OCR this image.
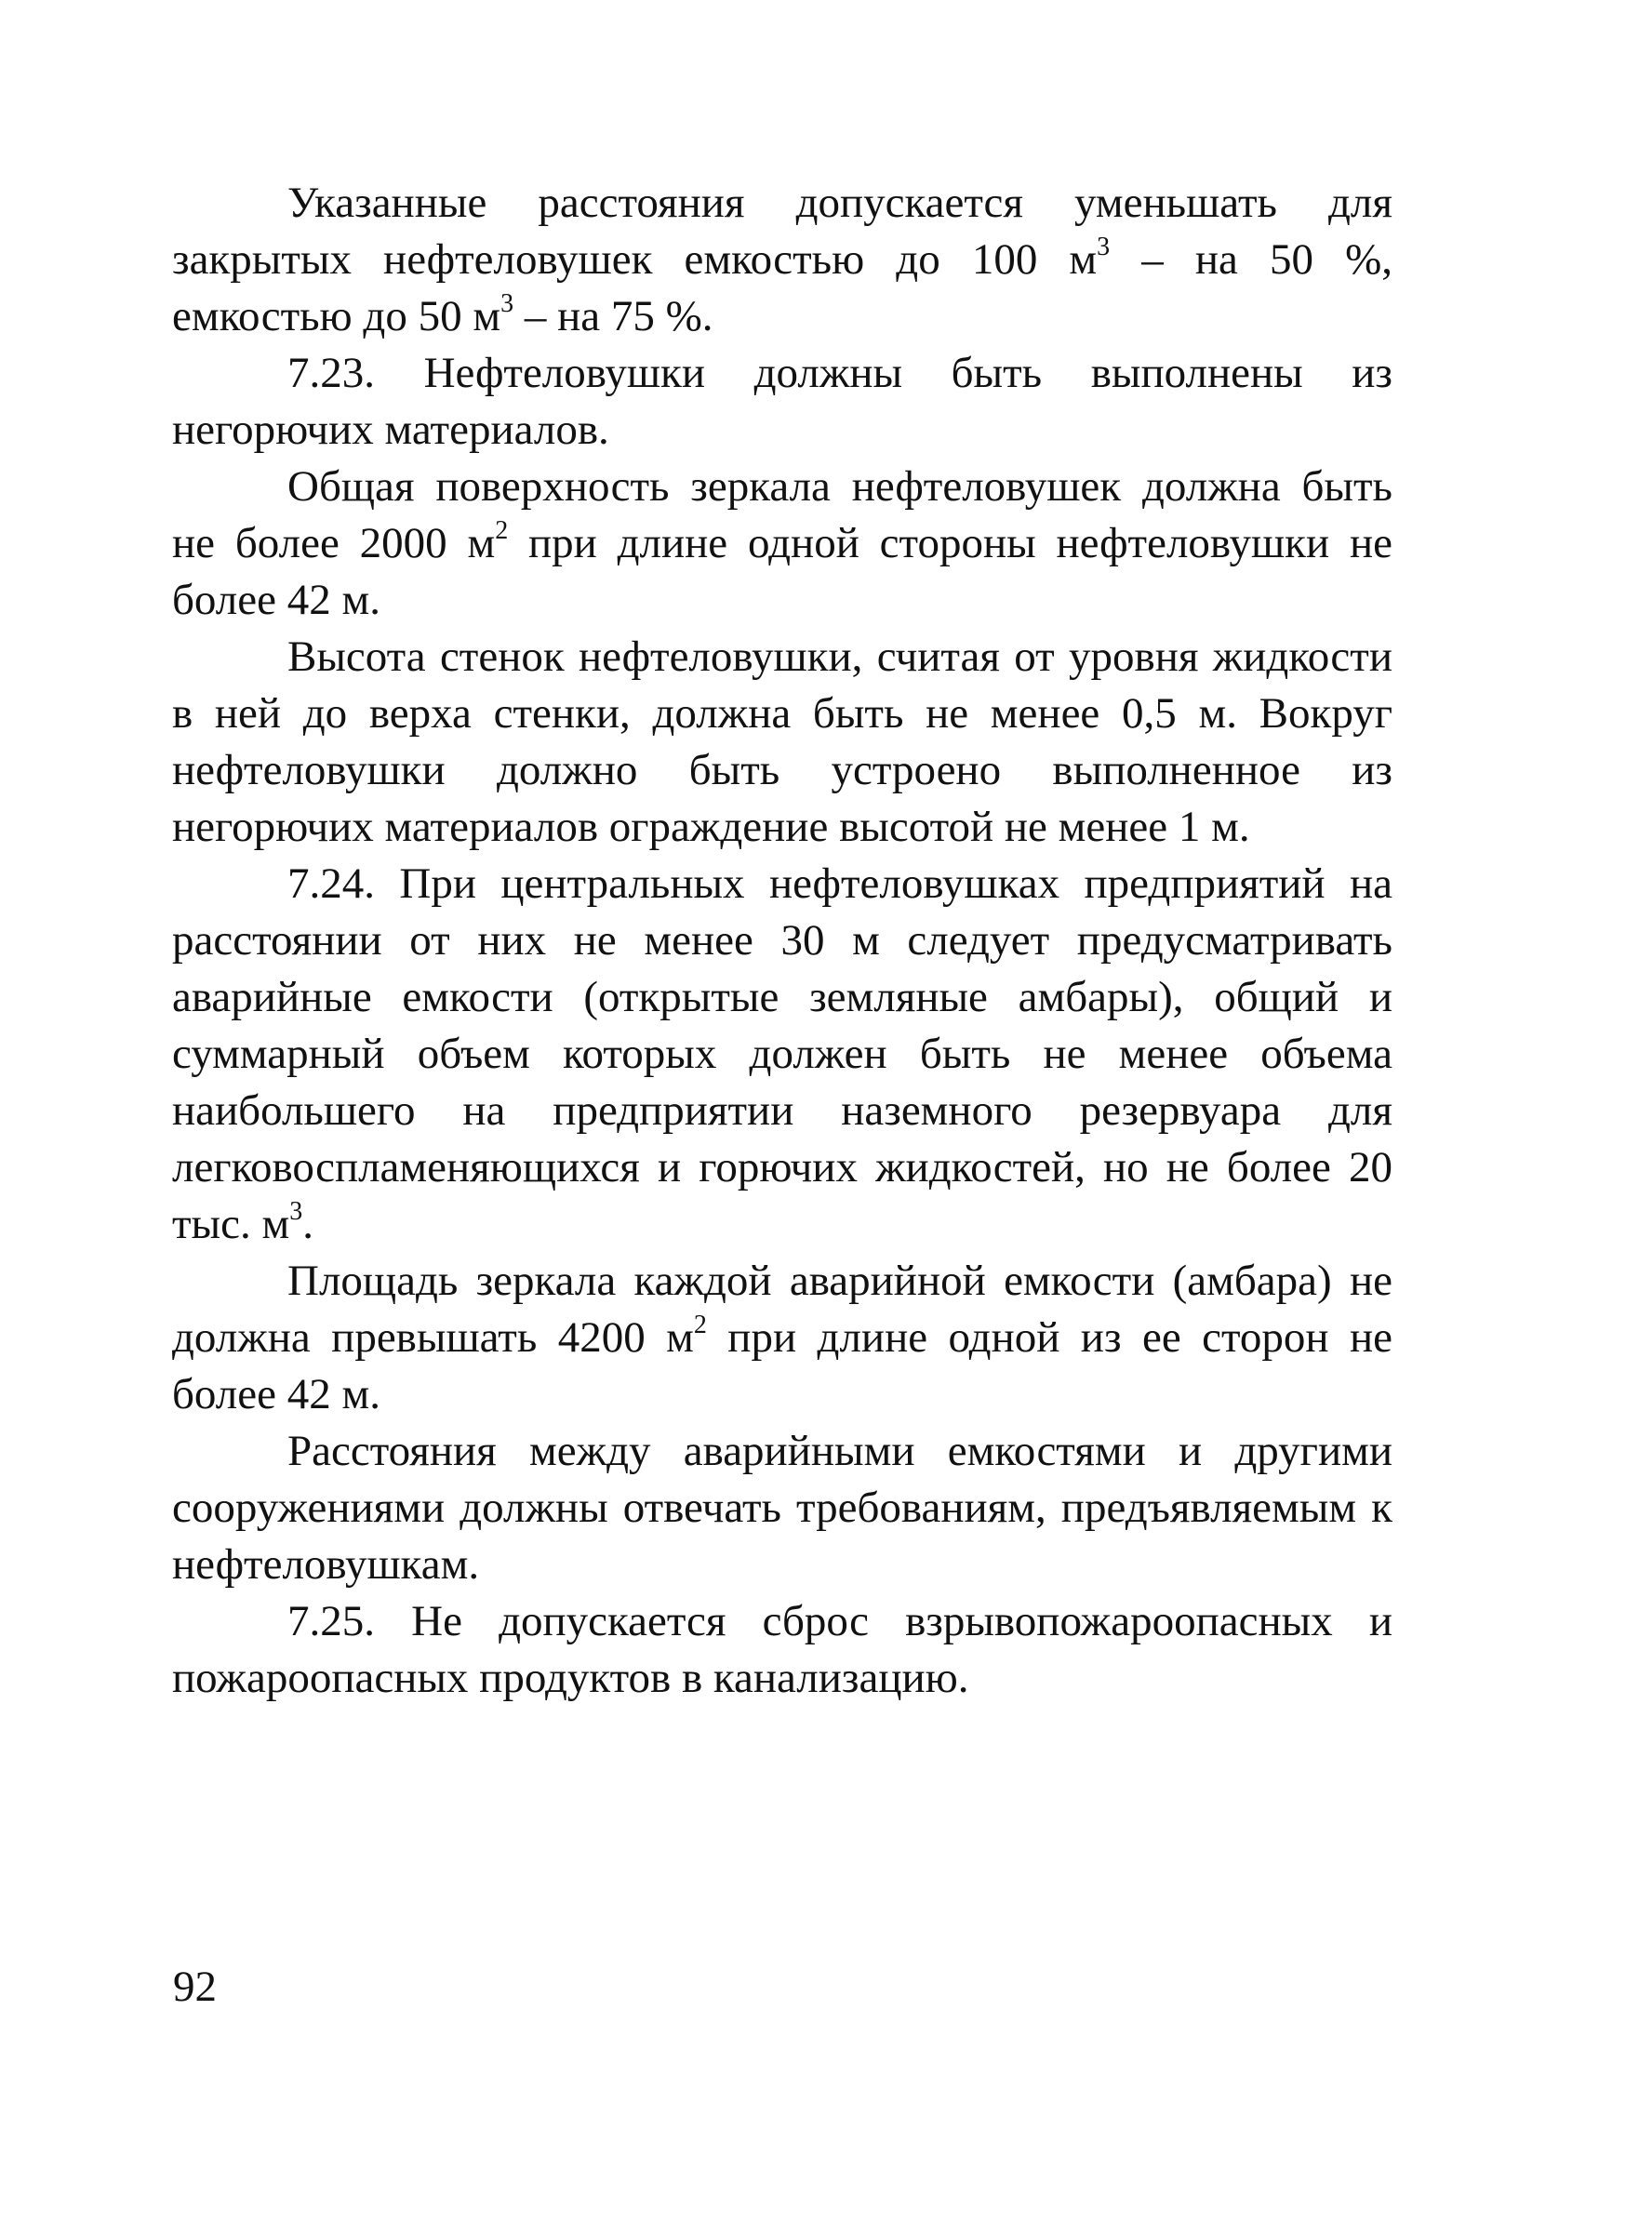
Указанные расстояния допускается уменьшать для закрытых нефтеловушек емкостью до 100 $м^3$ – на 50 %, емкостью до 50 $м^3$ – на 75 %.

7.23. Нефтеловушки должны быть выполнены из негорючих материалов.

Общая поверхность зеркала нефтеловушек должна быть не более 2000 $м^2$ при длине одной стороны нефтеловушки не более 42 м.

Высота стенок нефтеловушки, считая от уровня жидкости в ней до верха стенки, должна быть не менее 0,5 м. Вокруг нефтеловушки должно быть устроено выполненное из негорючих материалов ограждение высотой не менее 1 м.

7.24. При центральных нефтеловушках предприятий на расстоянии от них не менее 30 м следует предусматривать аварийные емкости (открытые земляные амбары), общий и суммарный объем которых должен быть не менее объема наибольшего на предприятии наземного резервуара для легковоспламеняющихся и горючих жидкостей, но не более 20 тыс. $м^3$.

Площадь зеркала каждой аварийной емкости (амбара) не должна превышать 4200 $м^2$ при длине одной из ее сторон не более 42 м.

Расстояния между аварийными емкостями и другими сооружениями должны отвечать требованиям, предъявляемым к нефтеловушкам.

7.25. Не допускается сброс взрывопожароопасных и пожароопасных продуктов в канализацию.

92
